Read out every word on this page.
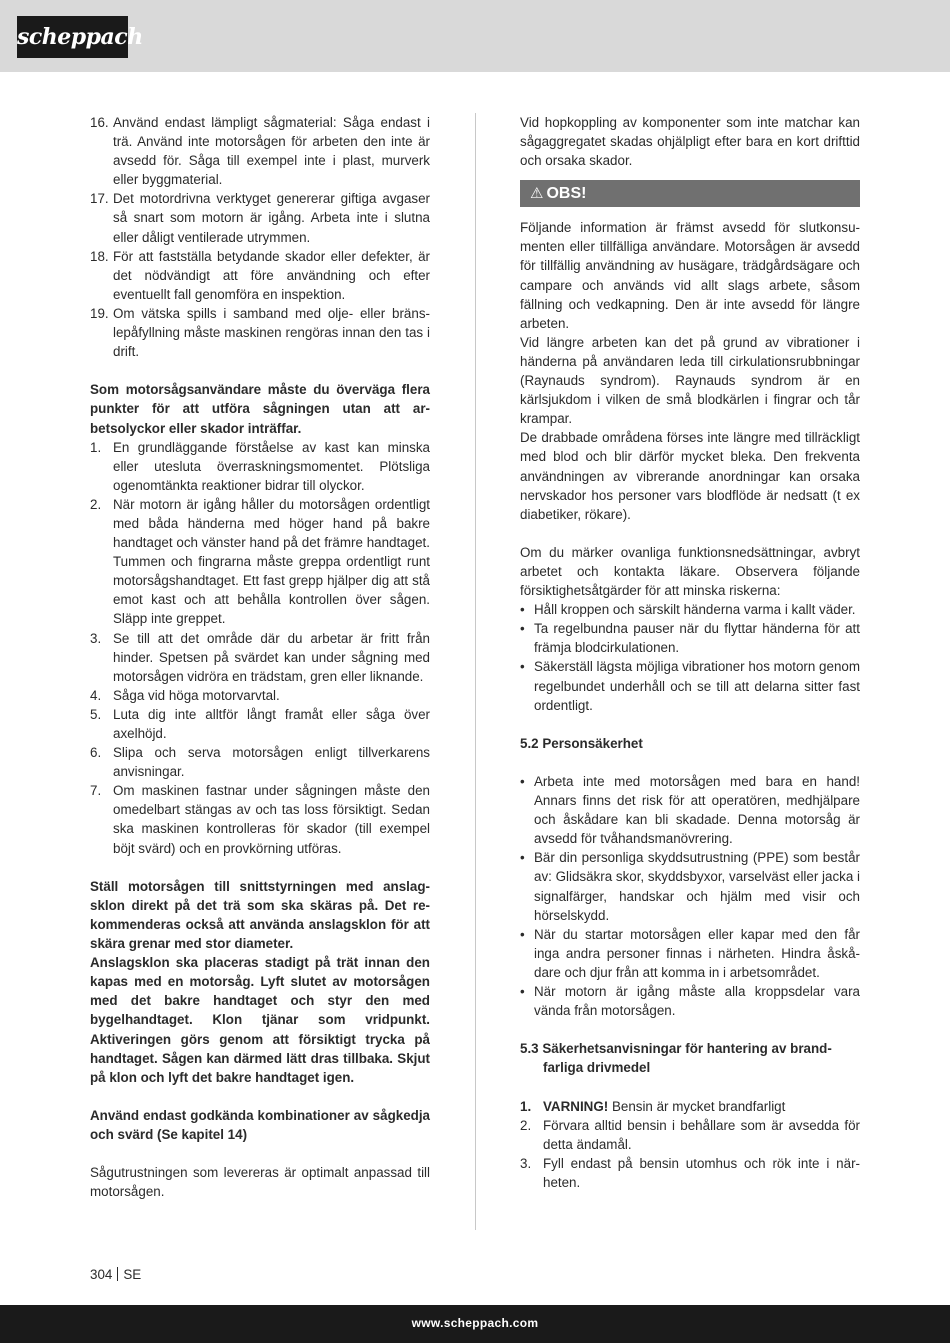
scheppach
16. Använd endast lämpligt sågmaterial: Såga endast i trä. Använd inte motorsågen för arbeten den inte är avsedd för. Såga till exempel inte i plast, murverk eller byggmaterial.
17. Det motordrivna verktyget genererar giftiga avgaser så snart som motorn är igång. Arbeta inte i slutna eller dåligt ventilerade utrymmen.
18. För att fastställa betydande skador eller defekter, är det nödvändigt att före användning och efter eventuellt fall genomföra en inspektion.
19. Om vätska spills i samband med olje- eller bränslepåfyllning måste maskinen rengöras innan den tas i drift.

Som motorsågsanvändare måste du överväga flera punkter för att utföra sågningen utan att arbetsolyckor eller skador inträffar.

1. En grundläggande förståelse av kast kan minska eller utesluta överraskningsmomentet. Plötsliga ogenomtänkta reaktioner bidrar till olyckor.
2. När motorn är igång håller du motorsågen ordentligt med båda händerna med höger hand på bakre handtaget och vänster hand på det främre handtaget. Tummen och fingrarna måste greppa ordentligt runt motorsågshandtaget. Ett fast grepp hjälper dig att stå emot kast och att behålla kontrollen över sågen. Släpp inte greppet.
3. Se till att det område där du arbetar är fritt från hinder. Spetsen på svärdet kan under sågning med motorsågen vidröra en trädstam, gren eller liknande.
4. Såga vid höga motorvarvtal.
5. Luta dig inte alltför långt framåt eller såga över axelhöjd.
6. Slipa och serva motorsågen enligt tillverkarens anvisningar.
7. Om maskinen fastnar under sågningen måste den omedelbart stängas av och tas loss försiktigt. Sedan ska maskinen kontrolleras för skador (till exempel böjt svärd) och en provkörning utföras.

Ställ motorsågen till snittstyrningen med anslagsklon direkt på det trä som ska skäras på. Det rekommenderas också att använda anslagsklon för att skära grenar med stor diameter.

Anslagsklon ska placeras stadigt på trät innan den kapas med en motorsåg. Lyft slutet av motorsågen med det bakre handtaget och styr den med bygelhandtaget. Klon tjänar som vridpunkt. Aktiveringen görs genom att försiktigt trycka på handtaget. Sågen kan därmed lätt dras tillbaka. Skjut på klon och lyft det bakre handtaget igen.

Använd endast godkända kombinationer av sågkedja och svärd (Se kapitel 14)

Sågutrustningen som levereras är optimalt anpassad till motorsågen.

Vid hopkoppling av komponenter som inte matchar kan sågaggregatet skadas ohjälpligt efter bara en kort drifttid och orsaka skador.

⚠ OBS!

Följande information är främst avsedd för slutkonsumenten eller tillfälliga användare. Motorsågen är avsedd för tillfällig användning av husägare, trädgårdsägare och campare och används vid allt slags arbete, såsom fällning och vedkapning. Den är inte avsedd för längre arbeten.

Vid längre arbeten kan det på grund av vibrationer i händerna på användaren leda till cirkulationsrubbningar (Raynauds syndrom). Raynauds syndrom är en kärlsjukdom i vilken de små blodkärlen i fingrar och tår krampar.

De drabbade områdena förses inte längre med tillräckligt med blod och blir därför mycket bleka. Den frekventa användningen av vibrerande anordningar kan orsaka nervskador hos personer vars blodflöde är nedsatt (t ex diabetiker, rökare).

Om du märker ovanliga funktionsnedsättningar, avbryt arbetet och kontakta läkare. Observera följande försiktighetsåtgärder för att minska riskerna:

• Håll kroppen och särskilt händerna varma i kallt väder.
• Ta regelbundna pauser när du flyttar händerna för att främja blodcirkulationen.
• Säkerställ lägsta möjliga vibrationer hos motorn genom regelbundet underhåll och se till att delarna sitter fast ordentligt.

5.2 Personsäkerhet

• Arbeta inte med motorsågen med bara en hand! Annars finns det risk för att operatören, medhjälpare och åskådare kan bli skadade. Denna motorsåg är avsedd för tvåhandsmanövrering.
• Bär din personliga skyddsutrustning (PPE) som består av: Glidsäkra skor, skyddsbyxor, varselväst eller jacka i signalfärger, handskar och hjälm med visir och hörselskydd.
• När du startar motorsågen eller kapar med den får inga andra personer finnas i närheten. Hindra åskådare och djur från att komma in i arbetsområdet.
• När motorn är igång måste alla kroppsdelar vara vända från motorsågen.

5.3 Säkerhetsanvisningar för hantering av brandfarliga drivmedel

1. VARNING! Bensin är mycket brandfarligt
2. Förvara alltid bensin i behållare som är avsedda för detta ändamål.
3. Fyll endast på bensin utomhus och rök inte i närheten.
304 SE
www.scheppach.com
